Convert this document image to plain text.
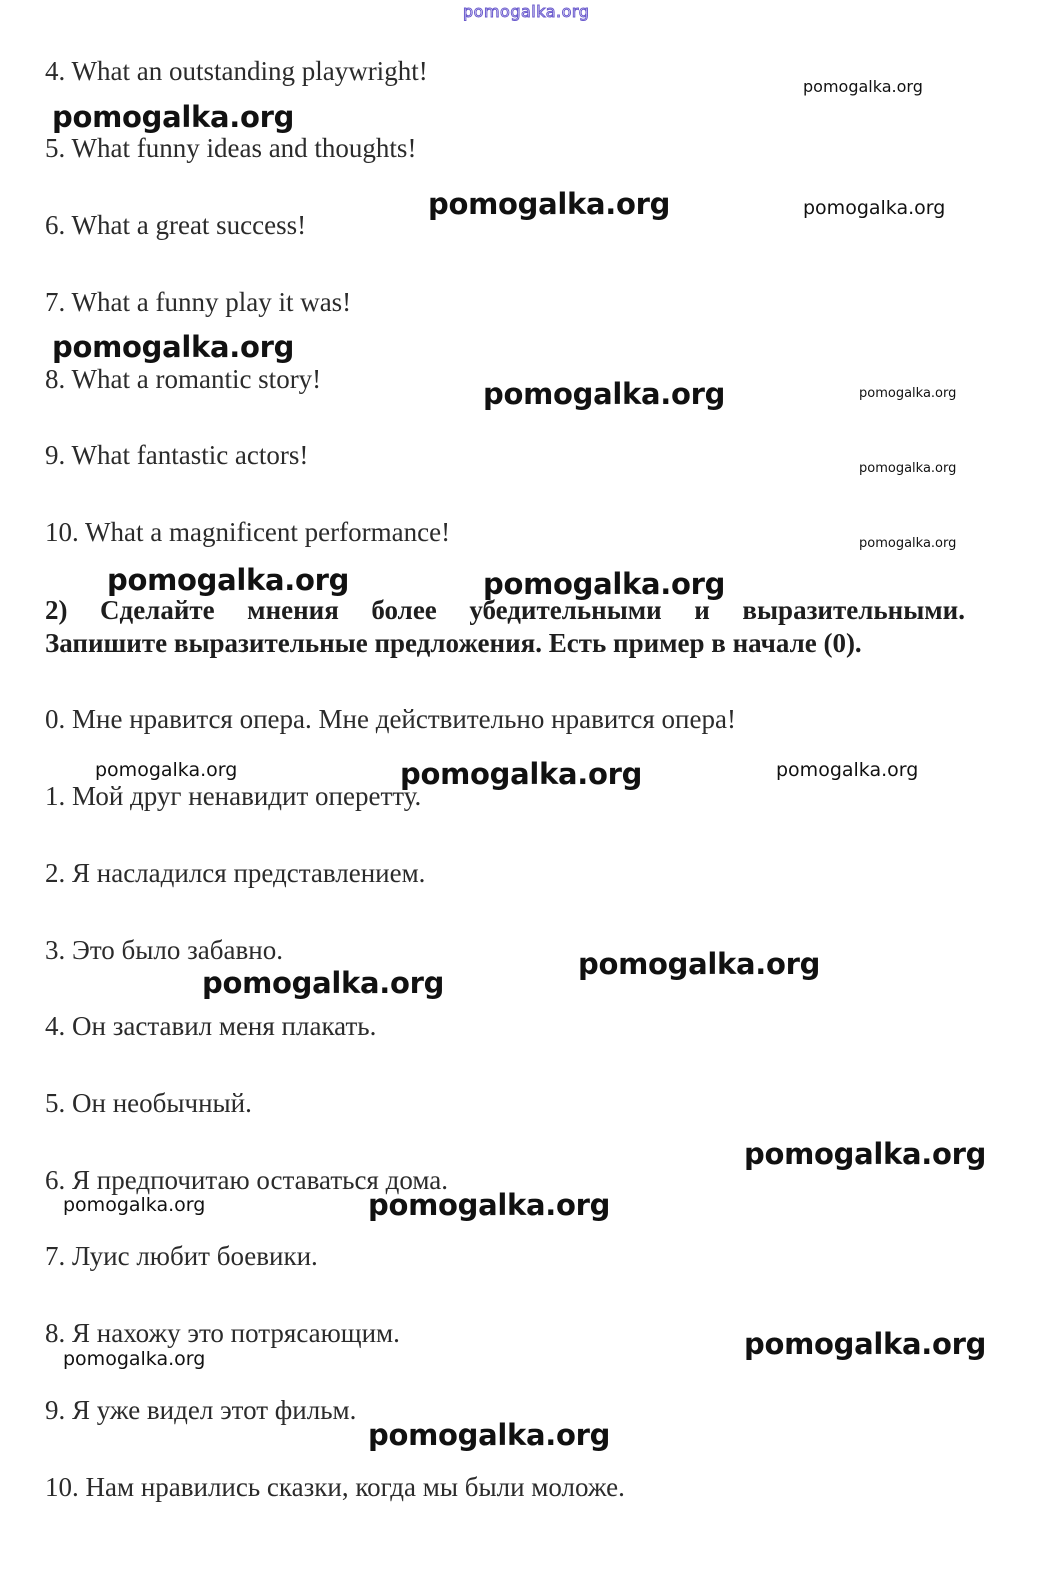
pomogalka.org
4. What an outstanding playwright!
5. What funny ideas and thoughts!
6. What a great success!
7. What a funny play it was!
8. What a romantic story!
9. What fantastic actors!
10. What a magnificent performance!
2) Сделайте мнения более убедительными и выразительными.
Запишите выразительные предложения. Есть пример в начале (0).
0. Мне нравится опера. Мне действительно нравится опера!
1. Мой друг ненавидит оперетту.
2. Я насладился представлением.
3. Это было забавно.
4. Он заставил меня плакать.
5. Он необычный.
6. Я предпочитаю оставаться дома.
7. Луис любит боевики.
8. Я нахожу это потрясающим.
9. Я уже видел этот фильм.
10. Нам нравились сказки, когда мы были моложе.
pomogalka.org
pomogalka.org
pomogalka.org	pomogalka.org
pomogalka.org
pomogalka.org	pomogalka.org
pomogalka.org
pomogalka.org
pomogalka.org	pomogalka.org
pomogalka.org	pomogalka.org	pomogalka.org
pomogalka.org
pomogalka.org
pomogalka.org
pomogalka.org	pomogalka.org
pomogalka.org
pomogalka.org
pomogalka.org
